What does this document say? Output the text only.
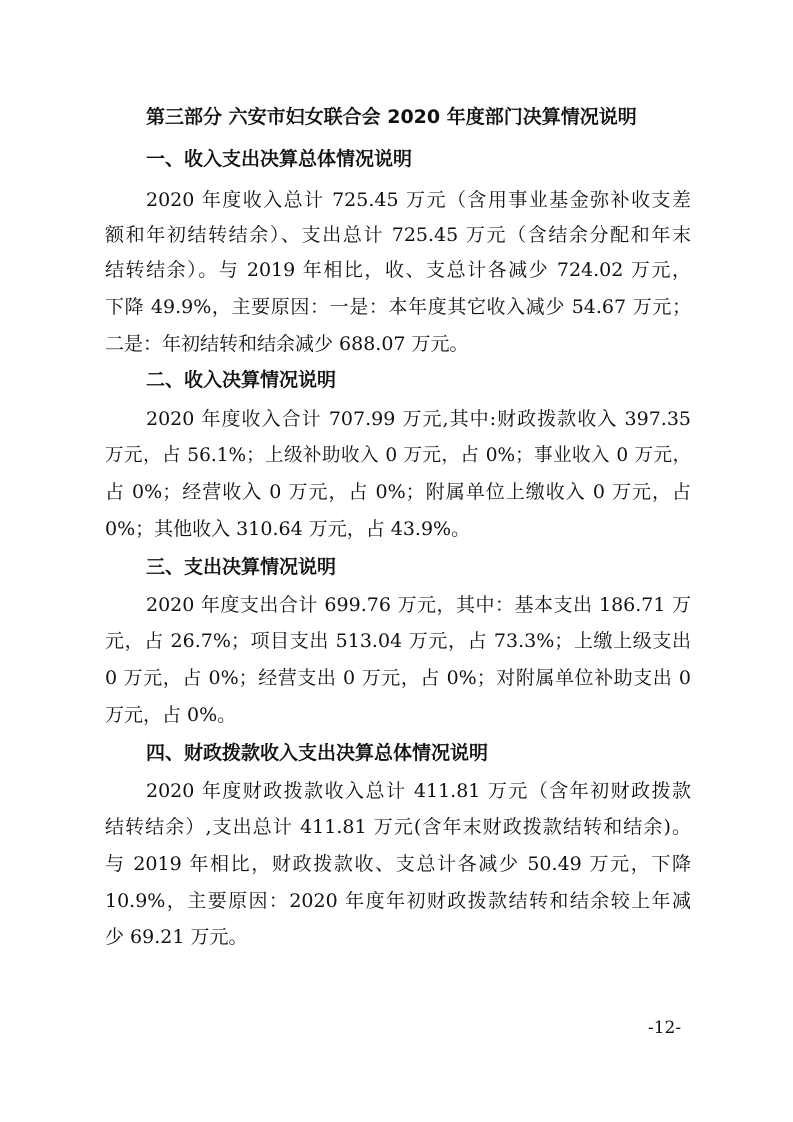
第三部分 六安市妇女联合会 2020 年度部门决算情况说明
一、收入支出决算总体情况说明
2020 年度收入总计 725.45 万元（含用事业基金弥补收支差
额和年初结转结余）、支出总计 725.45 万元（含结余分配和年末
结转结余）。与 2019 年相比，收、支总计各减少 724.02 万元，
下降 49.9%，主要原因：一是：本年度其它收入减少 54.67 万元；
二是：年初结转和结余减少 688.07 万元。
二、收入决算情况说明
2020 年度收入合计 707.99 万元,其中:财政拨款收入 397.35
万元，占 56.1%；上级补助收入 0 万元，占 0%；事业收入 0 万元，
占 0%；经营收入 0 万元，占 0%；附属单位上缴收入 0 万元，占
0%；其他收入 310.64 万元，占 43.9%。
三、支出决算情况说明
2020 年度支出合计 699.76 万元，其中：基本支出 186.71 万
元，占 26.7%；项目支出 513.04 万元，占 73.3%；上缴上级支出
0 万元，占 0%；经营支出 0 万元，占 0%；对附属单位补助支出 0
万元，占 0%。
四、财政拨款收入支出决算总体情况说明
2020 年度财政拨款收入总计 411.81 万元（含年初财政拨款
结转结余）,支出总计 411.81 万元(含年末财政拨款结转和结余)。
与 2019 年相比，财政拨款收、支总计各减少 50.49 万元，下降
10.9%，主要原因：2020 年度年初财政拨款结转和结余较上年减
少 69.21 万元。
-12-
